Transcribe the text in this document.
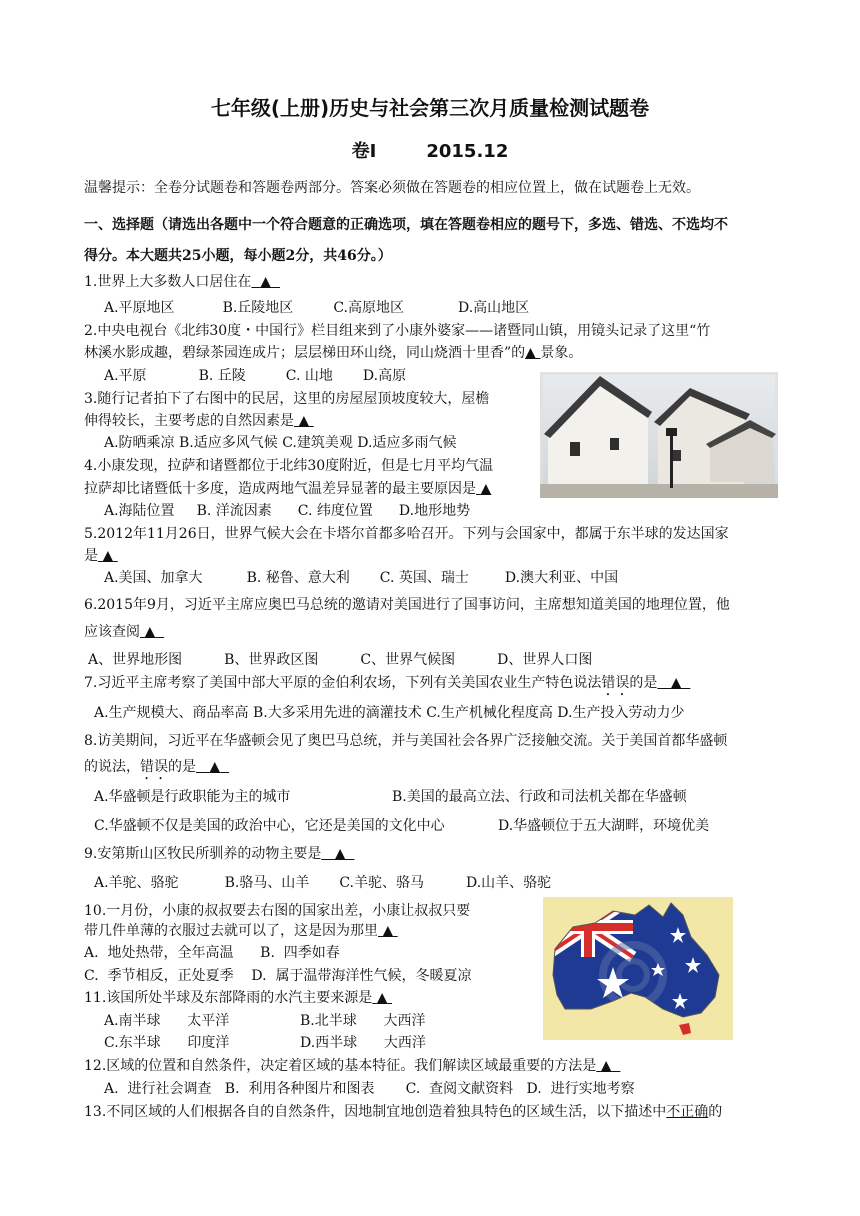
七年级(上册)历史与社会第三次月质量检测试题卷
卷Ⅰ	2015.12
温馨提示：全卷分试题卷和答题卷两部分。答案必须做在答题卷的相应位置上，做在试题卷上无效。
一、选择题（请选出各题中一个符合题意的正确选项，填在答题卷相应的题号下，多选、错选、不选均不
得分。本大题共25小题，每小题2分，共46分。）
1.世界上大多数人口居住在 ▲
A.平原地区	B.丘陵地区	C.高原地区	D.高山地区
2.中央电视台《北纬30度・中国行》栏目组来到了小康外婆家——诸暨同山镇，用镜头记录了这里“竹
林溪水影成趣，碧绿茶园连成片；层层梯田环山绕，同山烧酒十里香”的▲ 景象。
A.平原	B. 丘陵	C. 山地 D.高原
3.随行记者拍下了右图中的民居，这里的房屋屋顶坡度较大，屋檐
伸得较长，主要考虑的自然因素是 ▲
A.防晒乘凉 B.适应多风气候 C.建筑美观 D.适应多雨气候
4.小康发现，拉萨和诸暨都位于北纬30度附近，但是七月平均气温
拉萨却比诸暨低十多度，造成两地气温差异显著的最主要原因是 ▲
A.海陆位置 B. 洋流因素 C. 纬度位置 D.地形地势
5.2012年11月26日，世界气候大会在卡塔尔首都多哈召开。下列与会国家中，都属于东半球的发达国家
是 ▲
A.美国、加拿大	B. 秘鲁、意大利 C. 英国、瑞士	D.澳大利亚、中国
6.2015年9月，习近平主席应奥巴马总统的邀请对美国进行了国事访问，主席想知道美国的地理位置，他
应该查阅 ▲
A、世界地形图	B、世界政区图	C、世界气候图	D、世界人口图
7.习近平主席考察了美国中部大平原的金伯利农场，下列有关美国农业生产特色说法错误的是 ▲
A.生产规模大、商品率高 B.大多采用先进的滴灌技术 C.生产机械化程度高 D.生产投入劳动力少
8.访美期间，习近平在华盛顿会见了奥巴马总统，并与美国社会各界广泛接触交流。关于美国首都华盛顿
的说法，错误的是 ▲
A.华盛顿是行政职能为主的城市	B.美国的最高立法、行政和司法机关都在华盛顿
C.华盛顿不仅是美国的政治中心，它还是美国的文化中心	D.华盛顿位于五大湖畔，环境优美
9.安第斯山区牧民所驯养的动物主要是 ▲
A.羊驼、骆驼	B.骆马、山羊 C.羊驼、骆马	D.山羊、骆驼
10.一月份，小康的叔叔要去右图的国家出差，小康让叔叔只要
带几件单薄的衣服过去就可以了，这是因为那里 ▲
A.  地处热带，全年高温      B.  四季如春
C.  季节相反，正处夏季    D.  属于温带海洋性气候，冬暖夏凉
11.该国所处半球及东部降雨的水汽主要来源是 ▲
A.南半球      太平洋	B.北半球      大西洋
C.东半球      印度洋	D.西半球      大西洋
12.区域的位置和自然条件，决定着区域的基本特征。我们解读区域最重要的方法是 ▲
A.  进行社会调查   B.  利用各种图片和图表       C.  查阅文献资料   D.  进行实地考察
13.不同区域的人们根据各自的自然条件，因地制宜地创造着独具特色的区域生活，以下描述中不正确的
